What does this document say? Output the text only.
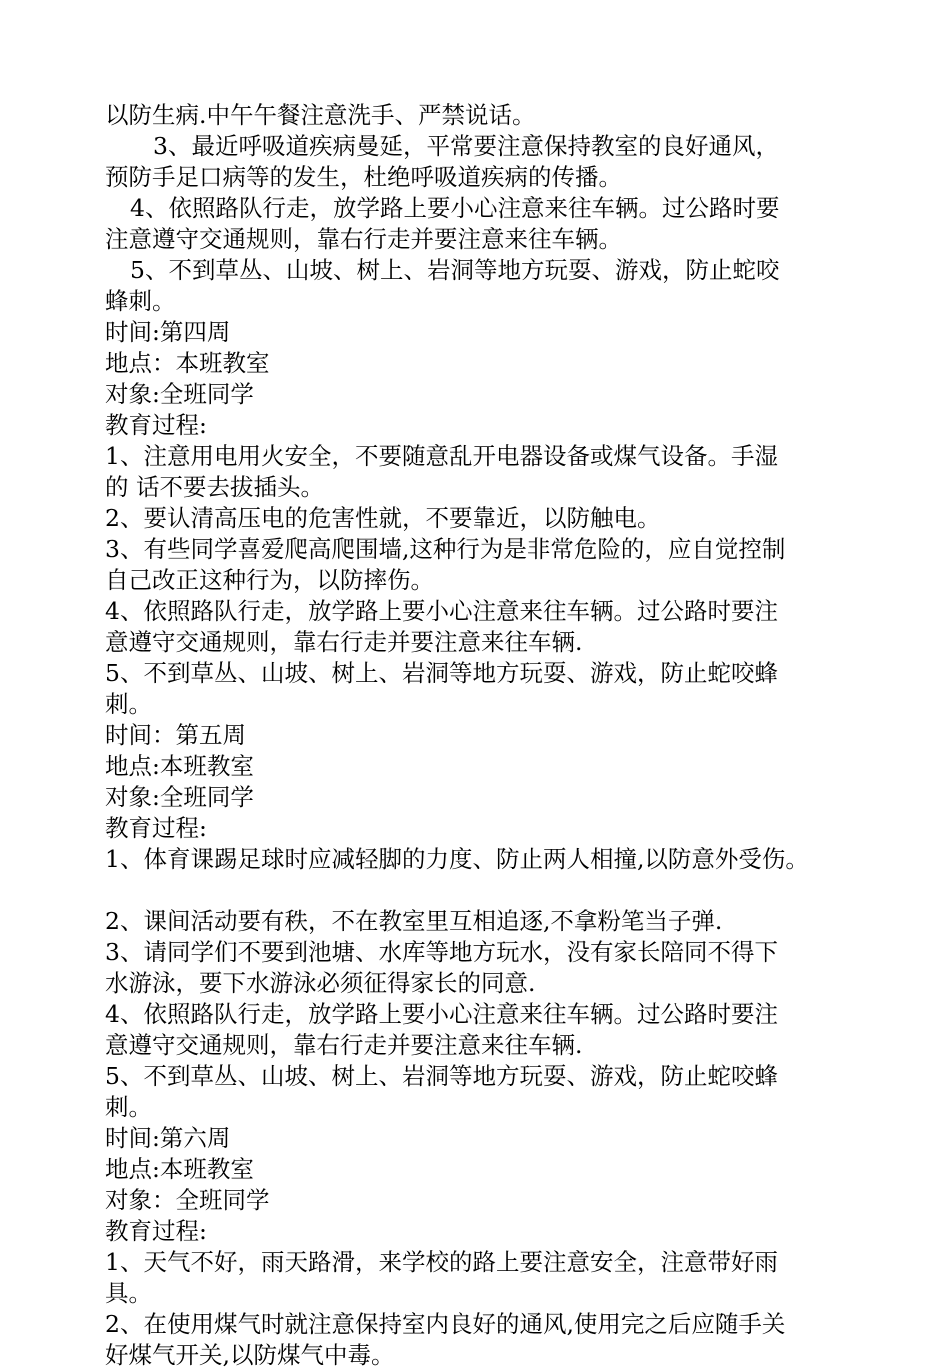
以防生病.中午午餐注意洗手、严禁说话。
3、最近呼吸道疾病曼延，平常要注意保持教室的良好通风，
预防手足口病等的发生，杜绝呼吸道疾病的传播。
4、依照路队行走，放学路上要小心注意来往车辆。过公路时要
注意遵守交通规则，靠右行走并要注意来往车辆。
5、不到草丛、山坡、树上、岩洞等地方玩耍、游戏，防止蛇咬
蜂刺。
时间:第四周
地点：本班教室
对象:全班同学
教育过程:
1、注意用电用火安全，不要随意乱开电器设备或煤气设备。手湿
的 话不要去拔插头。
2、要认清高压电的危害性就，不要靠近，以防触电。
3、有些同学喜爱爬高爬围墙,这种行为是非常危险的，应自觉控制
自己改正这种行为，以防摔伤。
4、依照路队行走，放学路上要小心注意来往车辆。过公路时要注
意遵守交通规则，靠右行走并要注意来往车辆.
5、不到草丛、山坡、树上、岩洞等地方玩耍、游戏，防止蛇咬蜂
刺。
时间：第五周
地点:本班教室
对象:全班同学
教育过程:
1、体育课踢足球时应减轻脚的力度、防止两人相撞,以防意外受伤。
2、课间活动要有秩，不在教室里互相追逐,不拿粉笔当子弹.
3、请同学们不要到池塘、水库等地方玩水，没有家长陪同不得下
水游泳，要下水游泳必须征得家长的同意.
4、依照路队行走，放学路上要小心注意来往车辆。过公路时要注
意遵守交通规则，靠右行走并要注意来往车辆.
5、不到草丛、山坡、树上、岩洞等地方玩耍、游戏，防止蛇咬蜂
刺。
时间:第六周
地点:本班教室
对象：全班同学
教育过程:
1、天气不好，雨天路滑，来学校的路上要注意安全，注意带好雨
具。
2、在使用煤气时就注意保持室内良好的通风,使用完之后应随手关
好煤气开关,以防煤气中毒。
